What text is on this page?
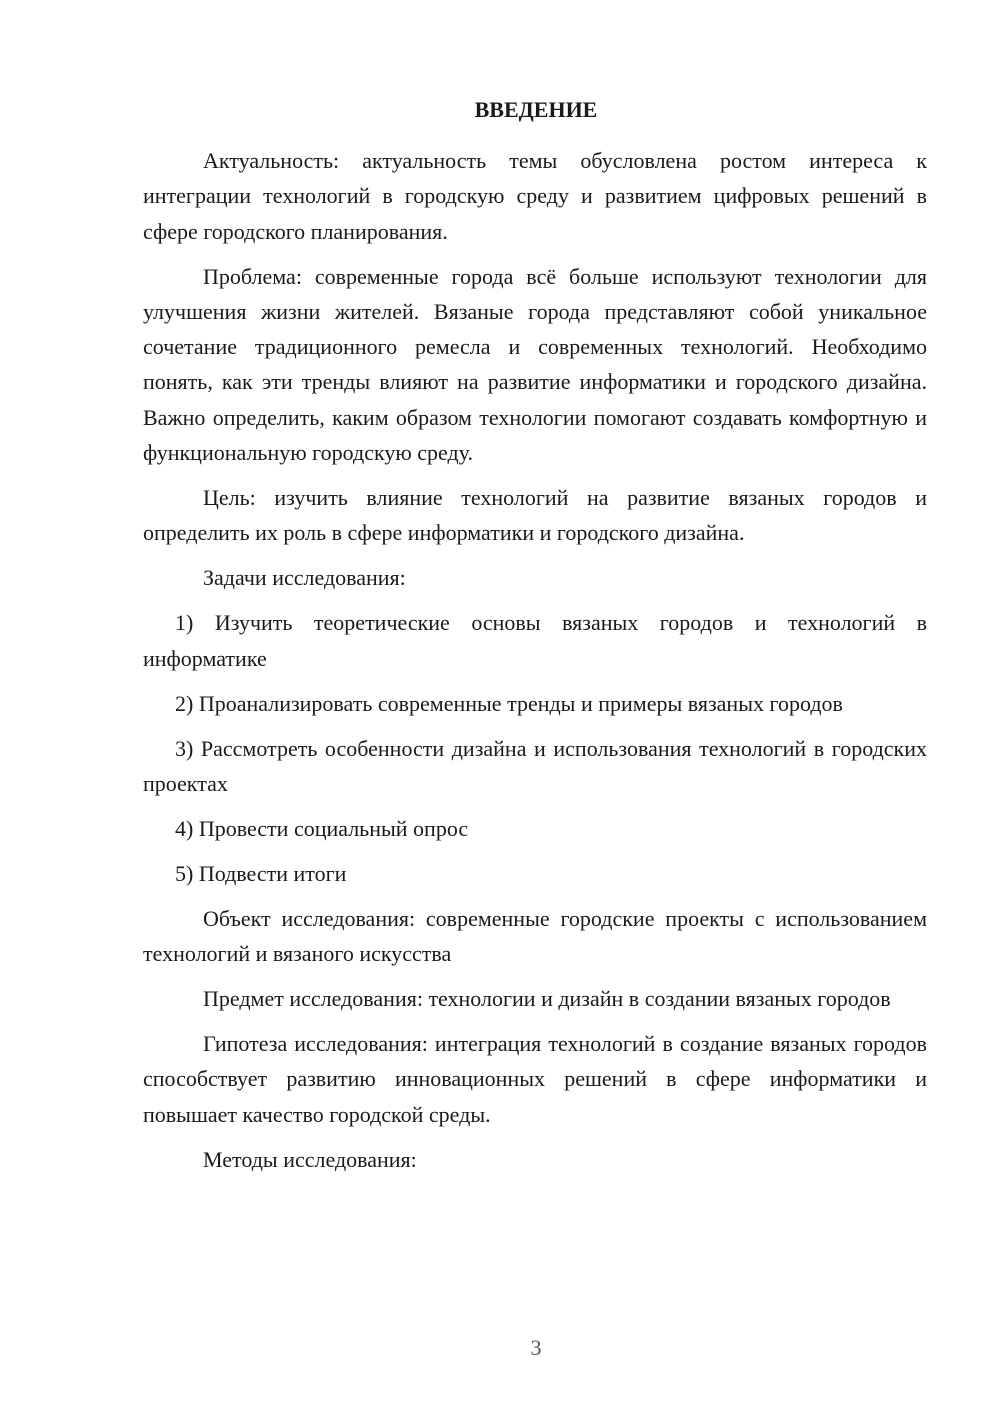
ВВЕДЕНИЕ

Актуальность: актуальность темы обусловлена ростом интереса к интеграции технологий в городскую среду и развитием цифровых решений в сфере городского планирования.

Проблема: современные города всё больше используют технологии для улучшения жизни жителей. Вязаные города представляют собой уникальное сочетание традиционного ремесла и современных технологий. Необходимо понять, как эти тренды влияют на развитие информатики и городского дизайна. Важно определить, каким образом технологии помогают создавать комфортную и функциональную городскую среду.

Цель: изучить влияние технологий на развитие вязаных городов и определить их роль в сфере информатики и городского дизайна.

Задачи исследования:

1) Изучить теоретические основы вязаных городов и технологий в информатике

2) Проанализировать современные тренды и примеры вязаных городов

3) Рассмотреть особенности дизайна и использования технологий в городских проектах

4) Провести социальный опрос

5) Подвести итоги

Объект исследования: современные городские проекты с использованием технологий и вязаного искусства

Предмет исследования: технологии и дизайн в создании вязаных городов

Гипотеза исследования: интеграция технологий в создание вязаных городов способствует развитию инновационных решений в сфере информатики и повышает качество городской среды.

Методы исследования:

3
